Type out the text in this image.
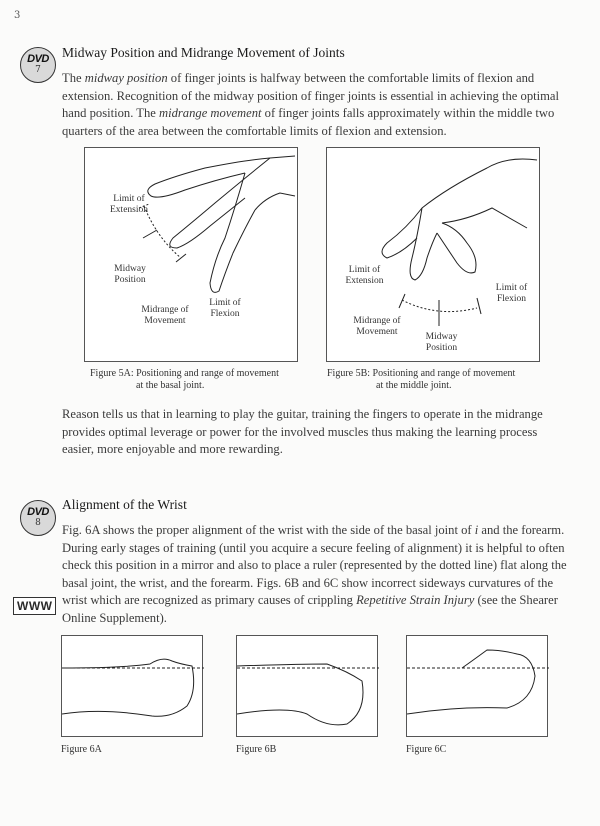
3
DVD
7
Midway Position and Midrange Movement of Joints
The midway position of finger joints is halfway between the comfortable limits of flexion and extension. Recognition of the midway position of finger joints is essential in achieving the optimal hand position. The midrange movement of finger joints falls approximately within the middle two quarters of the area between the comfortable limits of flexion and extension.
Limit of Extension
Midway Position
Midrange of Movement
Limit of Flexion
Figure 5A: Positioning and range of movement
at the basal joint.
Limit of Extension
Limit of Flexion
Midrange of Movement	Midway Position
Figure 5B: Positioning and range of movement
at the middle joint.
Reason tells us that in learning to play the guitar, training the fingers to operate in the midrange provides optimal leverage or power for the involved muscles thus making the learning process easier, more enjoyable and more rewarding.
DVD
8
Alignment of the Wrist
Fig. 6A shows the proper alignment of the wrist with the side of the basal joint of i and the forearm. During early stages of training (until you acquire a secure feeling of alignment) it is helpful to often check this position in a mirror and also to place a ruler (represented by the dotted line) flat along the basal joint, the wrist, and the forearm. Figs. 6B and 6C show incorrect sideways curvatures of the wrist which are recognized as primary causes of crippling Repetitive Strain Injury (see the Shearer Online Supplement).
WWW
Figure 6A	Figure 6B	Figure 6C
